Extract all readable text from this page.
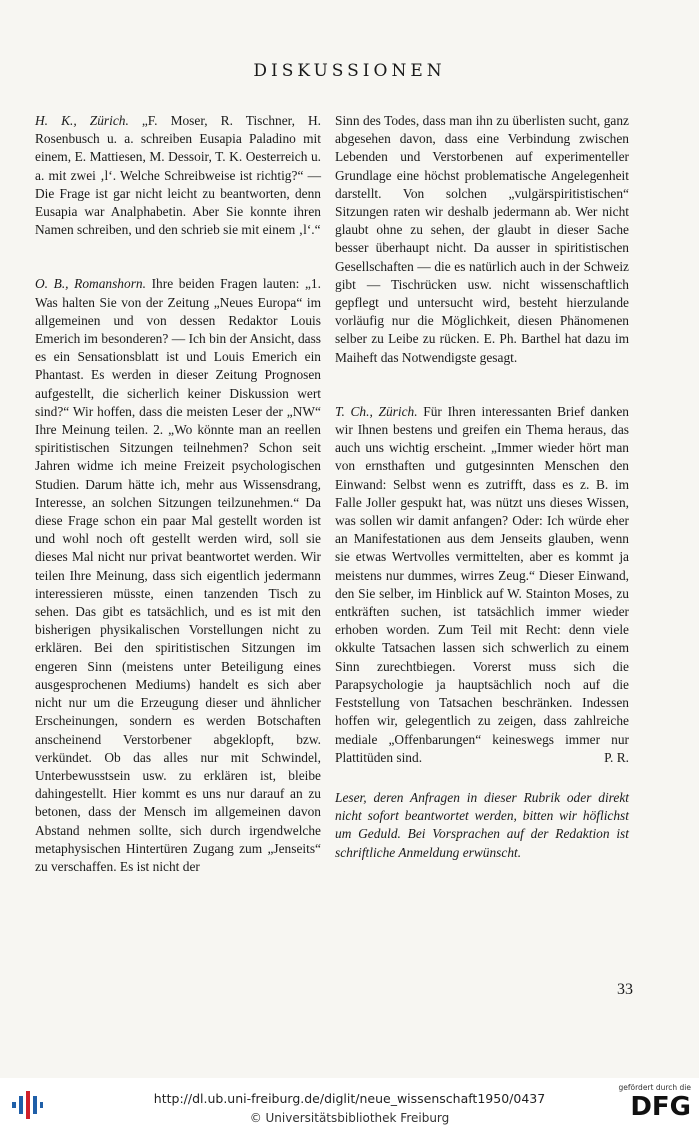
DISKUSSIONEN

H. K., Zürich. „F. Moser, R. Tischner, H. Rosenbusch u. a. schreiben Eusapia Paladino mit einem, E. Mattiesen, M. Dessoir, T. K. Oesterreich u. a. mit zwei ‚l‘. Welche Schreibweise ist richtig?“ — Die Frage ist gar nicht leicht zu beantworten, denn Eusapia war Analphabetin. Aber Sie konnte ihren Namen schreiben, und den schrieb sie mit einem ‚l‘.“

O. B., Romanshorn. Ihre beiden Fragen lauten: „1. Was halten Sie von der Zeitung „Neues Europa“ im allgemeinen und von dessen Redaktor Louis Emerich im besonderen? — Ich bin der Ansicht, dass es ein Sensationsblatt ist und Louis Emerich ein Phantast. Es werden in dieser Zeitung Prognosen aufgestellt, die sicherlich keiner Diskussion wert sind?“ Wir hoffen, dass die meisten Leser der „NW“ Ihre Meinung teilen. 2. „Wo könnte man an reellen spiritistischen Sitzungen teilnehmen? Schon seit Jahren widme ich meine Freizeit psychologischen Studien. Darum hätte ich, mehr aus Wissensdrang, Interesse, an solchen Sitzungen teilzunehmen.“ Da diese Frage schon ein paar Mal gestellt worden ist und wohl noch oft gestellt werden wird, soll sie dieses Mal nicht nur privat beantwortet werden. Wir teilen Ihre Meinung, dass sich eigentlich jedermann interessieren müsste, einen tanzenden Tisch zu sehen. Das gibt es tatsächlich, und es ist mit den bisherigen physikalischen Vorstellungen nicht zu erklären. Bei den spiritistischen Sitzungen im engeren Sinn (meistens unter Beteiligung eines ausgesprochenen Mediums) handelt es sich aber nicht nur um die Erzeugung dieser und ähnlicher Erscheinungen, sondern es werden Botschaften anscheinend Verstorbener abgeklopft, bzw. verkündet. Ob das alles nur mit Schwindel, Unterbewusstsein usw. zu erklären ist, bleibe dahingestellt. Hier kommt es uns nur darauf an zu betonen, dass der Mensch im allgemeinen davon Abstand nehmen sollte, sich durch irgendwelche metaphysischen Hintertüren Zugang zum „Jenseits“ zu verschaffen. Es ist nicht der

Sinn des Todes, dass man ihn zu überlisten sucht, ganz abgesehen davon, dass eine Verbindung zwischen Lebenden und Verstorbenen auf experimenteller Grundlage eine höchst problematische Angelegenheit darstellt. Von solchen „vulgärspiritistischen“ Sitzungen raten wir deshalb jedermann ab. Wer nicht glaubt ohne zu sehen, der glaubt in dieser Sache besser überhaupt nicht. Da ausser in spiritistischen Gesellschaften — die es natürlich auch in der Schweiz gibt — Tischrücken usw. nicht wissenschaftlich gepflegt und untersucht wird, besteht hierzulande vorläufig nur die Möglichkeit, diesen Phänomenen selber zu Leibe zu rücken. E. Ph. Barthel hat dazu im Maiheft das Notwendigste gesagt.

T. Ch., Zürich. Für Ihren interessanten Brief danken wir Ihnen bestens und greifen ein Thema heraus, das auch uns wichtig erscheint. „Immer wieder hört man von ernsthaften und gutgesinnten Menschen den Einwand: Selbst wenn es zutrifft, dass es z. B. im Falle Joller gespukt hat, was nützt uns dieses Wissen, was sollen wir damit anfangen? Oder: Ich würde eher an Manifestationen aus dem Jenseits glauben, wenn sie etwas Wertvolles vermittelten, aber es kommt ja meistens nur dummes, wirres Zeug.“ Dieser Einwand, den Sie selber, im Hinblick auf W. Stainton Moses, zu entkräften suchen, ist tatsächlich immer wieder erhoben worden. Zum Teil mit Recht: denn viele okkulte Tatsachen lassen sich schwerlich zu einem Sinn zurechtbiegen. Vorerst muss sich die Parapsychologie ja hauptsächlich noch auf die Feststellung von Tatsachen beschränken. Indessen hoffen wir, gelegentlich zu zeigen, dass zahlreiche mediale „Offenbarungen“ keineswegs immer nur Plattitüden sind.	P. R.

Leser, deren Anfragen in dieser Rubrik oder direkt nicht sofort beantwortet werden, bitten wir höflichst um Geduld. Bei Vorsprachen auf der Redaktion ist schriftliche Anmeldung erwünscht.

33
http://dl.ub.uni-freiburg.de/diglit/neue_wissenschaft1950/0437
© Universitätsbibliothek Freiburg
gefördert durch die
DFG
